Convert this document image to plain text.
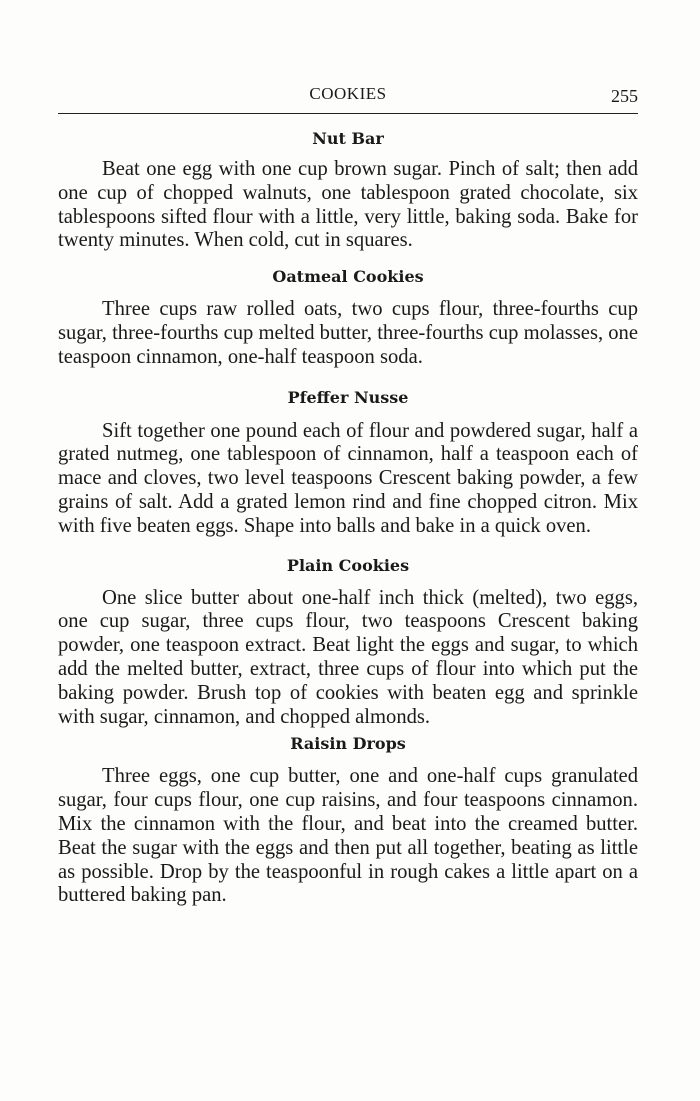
COOKIES	255
Nut Bar

Beat one egg with one cup brown sugar. Pinch of salt; then add one cup of chopped walnuts, one tablespoon grated chocolate, six tablespoons sifted flour with a little, very little, baking soda. Bake for twenty minutes. When cold, cut in squares.

Oatmeal Cookies

Three cups raw rolled oats, two cups flour, three-fourths cup sugar, three-fourths cup melted butter, three-fourths cup molasses, one teaspoon cinnamon, one-half teaspoon soda.

Pfeffer Nusse

Sift together one pound each of flour and powdered sugar, half a grated nutmeg, one tablespoon of cinnamon, half a teaspoon each of mace and cloves, two level teaspoons Crescent baking powder, a few grains of salt. Add a grated lemon rind and fine chopped citron. Mix with five beaten eggs. Shape into balls and bake in a quick oven.

Plain Cookies

One slice butter about one-half inch thick (melted), two eggs, one cup sugar, three cups flour, two teaspoons Crescent baking powder, one teaspoon extract. Beat light the eggs and sugar, to which add the melted butter, extract, three cups of flour into which put the baking powder. Brush top of cookies with beaten egg and sprinkle with sugar, cinnamon, and chopped almonds.

Raisin Drops

Three eggs, one cup butter, one and one-half cups granulated sugar, four cups flour, one cup raisins, and four teaspoons cinnamon. Mix the cinnamon with the flour, and beat into the creamed butter. Beat the sugar with the eggs and then put all together, beating as little as possible. Drop by the teaspoonful in rough cakes a little apart on a buttered baking pan.
